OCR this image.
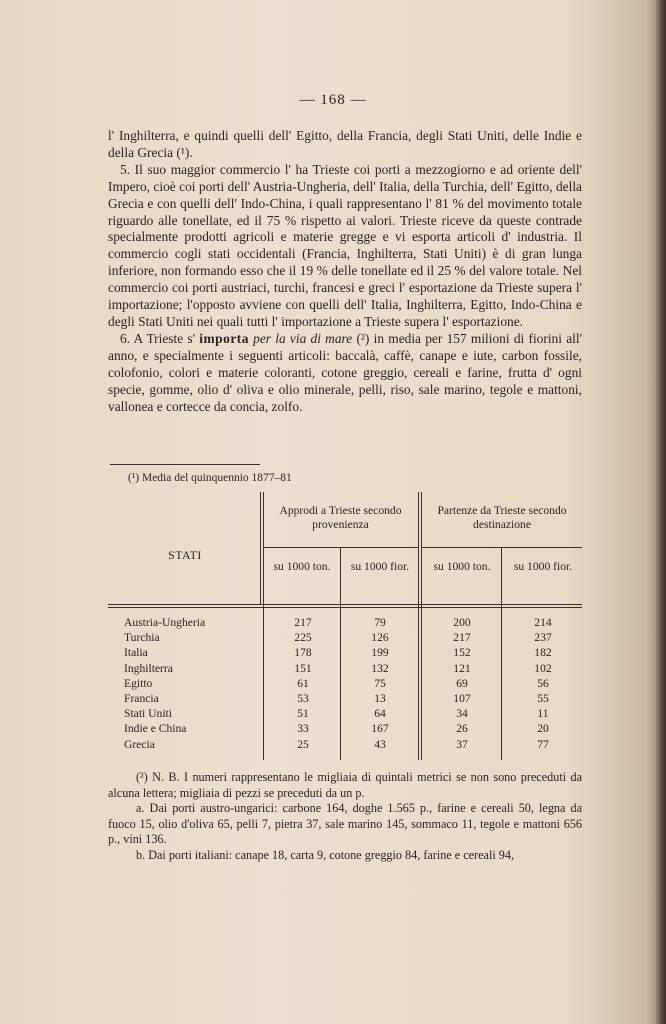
— 168 —

l' Inghilterra, e quindi quelli dell' Egitto, della Francia, degli Stati Uniti, delle Indie e della Grecia (¹).

5. Il suo maggior commercio l' ha Trieste coi porti a mezzogiorno e ad oriente dell' Impero, cioè coi porti dell' Austria-Ungheria, dell' Italia, della Turchia, dell' Egitto, della Grecia e con quelli dell' Indo-China, i quali rappresentano l' 81 % del movimento totale riguardo alle tonellate, ed il 75 % rispetto ai valori. Trieste riceve da queste contrade specialmente prodotti agricoli e materie gregge e vi esporta articoli d' industria. Il commercio cogli stati occidentali (Francia, Inghilterra, Stati Uniti) è di gran lunga inferiore, non formando esso che il 19 % delle tonellate ed il 25 % del valore totale. Nel commercio coi porti austriaci, turchi, francesi e greci l' esportazione da Trieste supera l' importazione; l'opposto avviene con quelli dell' Italia, Inghilterra, Egitto, Indo-China e degli Stati Uniti nei quali tutti l' importazione a Trieste supera l' esportazione.

6. A Trieste s' importa per la via di mare (²) in media per 157 milioni di fiorini all' anno, e specialmente i seguenti articoli: baccalà, caffè, canape e iute, carbon fossile, colofonio, colori e materie coloranti, cotone greggio, cereali e farine, frutta d' ogni specie, gomme, olio d' oliva e olio minerale, pelli, riso, sale marino, tegole e mattoni, vallonea e cortecce da concia, zolfo.

(¹) Media del quinquennio 1877–81
STATI
Approdi a Trieste secondo provenienza
Partenze da Trieste secondo destinazione
su 1000 ton. su 1000 fior.	su 1000 ton.	su 1000 fior.
Austria-Ungheria	217	79	200	214
Turchia	225	126	217	237
Italia	178	199	152	182
Inghilterra	151	132	121	102
Egitto	61	75	69	56
Francia	53	13	107	55
Stati Uniti	51	64	34	11
Indie e China	33	167	26	20
Grecia	25	43	37	77

(²) N. B. I numeri rappresentano le migliaia di quintali metrici se non sono preceduti da alcuna lettera; migliaia di pezzi se preceduti da un p.

a. Dai porti austro-ungarici: carbone 164, doghe 1.565 p., farine e cereali 50, legna da fuoco 15, olio d'oliva 65, pelli 7, pietra 37, sale marino 145, sommaco 11, tegole e mattoni 656 p., vini 136.

b. Dai porti italiani: canape 18, carta 9, cotone greggio 84, farine e cereali 94,
